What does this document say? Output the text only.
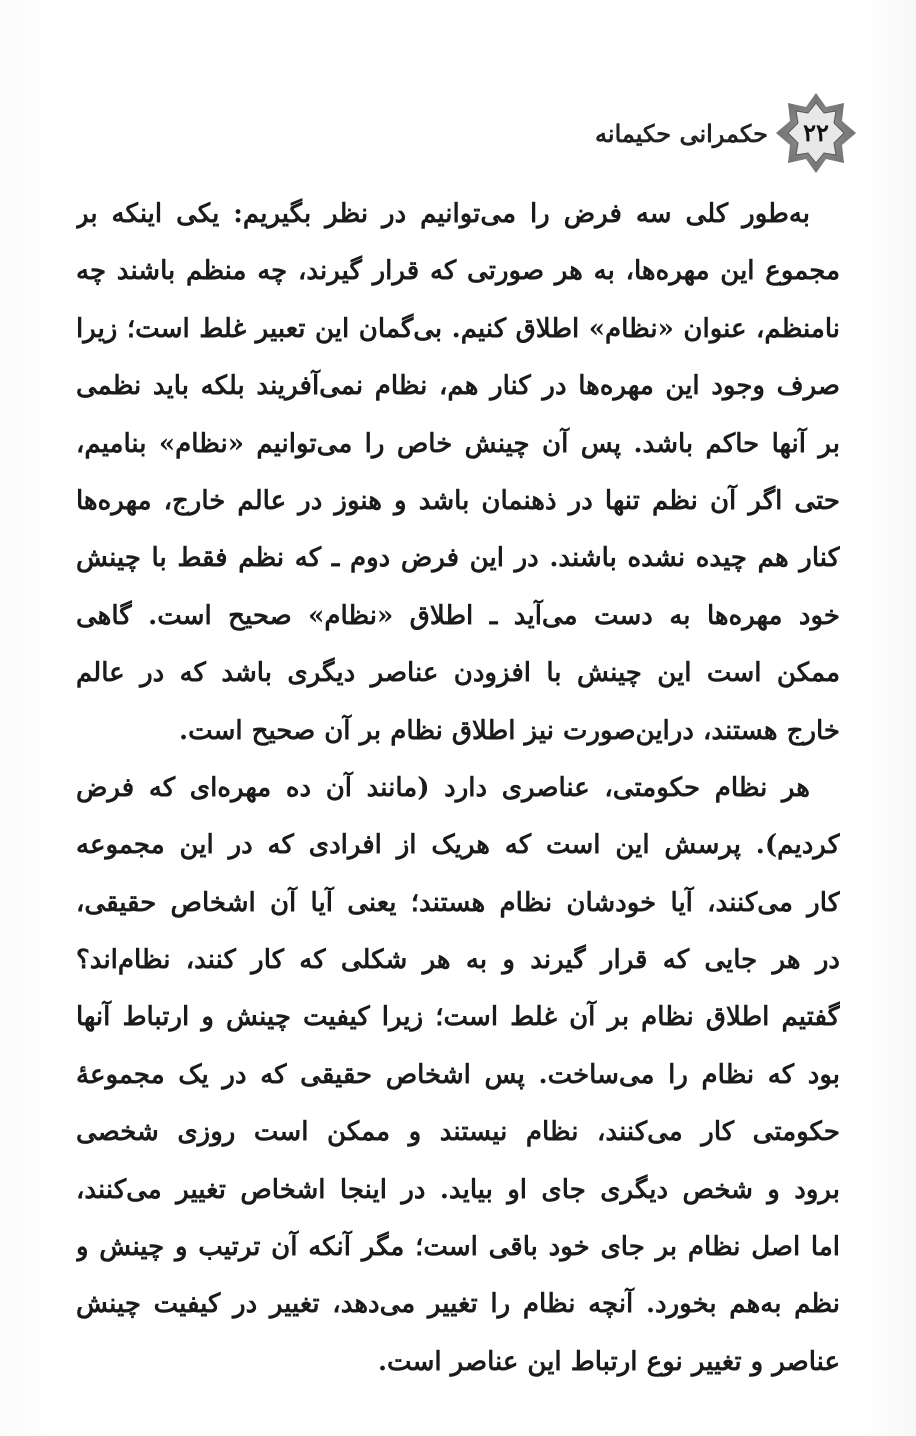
۲۲
حکمرانی حکیمانه
به‌طور کلی سه فرض را می‌توانیم در نظر بگیریم: یکی اینکه بر
مجموع این مهره‌ها، به هر صورتی که قرار گیرند، چه منظم باشند چه
نامنظم، عنوان «نظام» اطلاق کنیم. بی‌گمان این تعبیر غلط است؛ زیرا
صرف وجود این مهره‌ها در کنار هم، نظام نمی‌آفریند بلکه باید نظمی
بر آنها حاکم باشد. پس آن چینش خاص را می‌توانیم «نظام» بنامیم،
حتی اگر آن نظم تنها در ذهنمان باشد و هنوز در عالم خارج، مهره‌ها
کنار هم چیده نشده باشند. در این فرض دوم ـ که نظم فقط با چینش
خود مهره‌ها به دست می‌آید ـ اطلاق «نظام» صحیح است. گاهی
ممکن است این چینش با افزودن عناصر دیگری باشد که در عالم
خارج هستند، دراین‌صورت نیز اطلاق نظام بر آن صحیح است.
هر نظام حکومتی، عناصری دارد (مانند آن ده مهره‌ای که فرض
کردیم). پرسش این است که هریک از افرادی که در این مجموعه
کار می‌کنند، آیا خودشان نظام هستند؛ یعنی آیا آن اشخاص حقیقی،
در هر جایی که قرار گیرند و به هر شکلی که کار کنند، نظام‌اند؟
گفتیم اطلاق نظام بر آن غلط است؛ زیرا کیفیت چینش و ارتباط آنها
بود که نظام را می‌ساخت. پس اشخاص حقیقی که در یک مجموعۀ
حکومتی کار می‌کنند، نظام نیستند و ممکن است روزی شخصی
برود و شخص دیگری جای او بیاید. در اینجا اشخاص تغییر می‌کنند،
اما اصل نظام بر جای خود باقی است؛ مگر آنکه آن ترتیب و چینش و
نظم به‌هم بخورد. آنچه نظام را تغییر می‌دهد، تغییر در کیفیت چینش
عناصر و تغییر نوع ارتباط این عناصر است.
